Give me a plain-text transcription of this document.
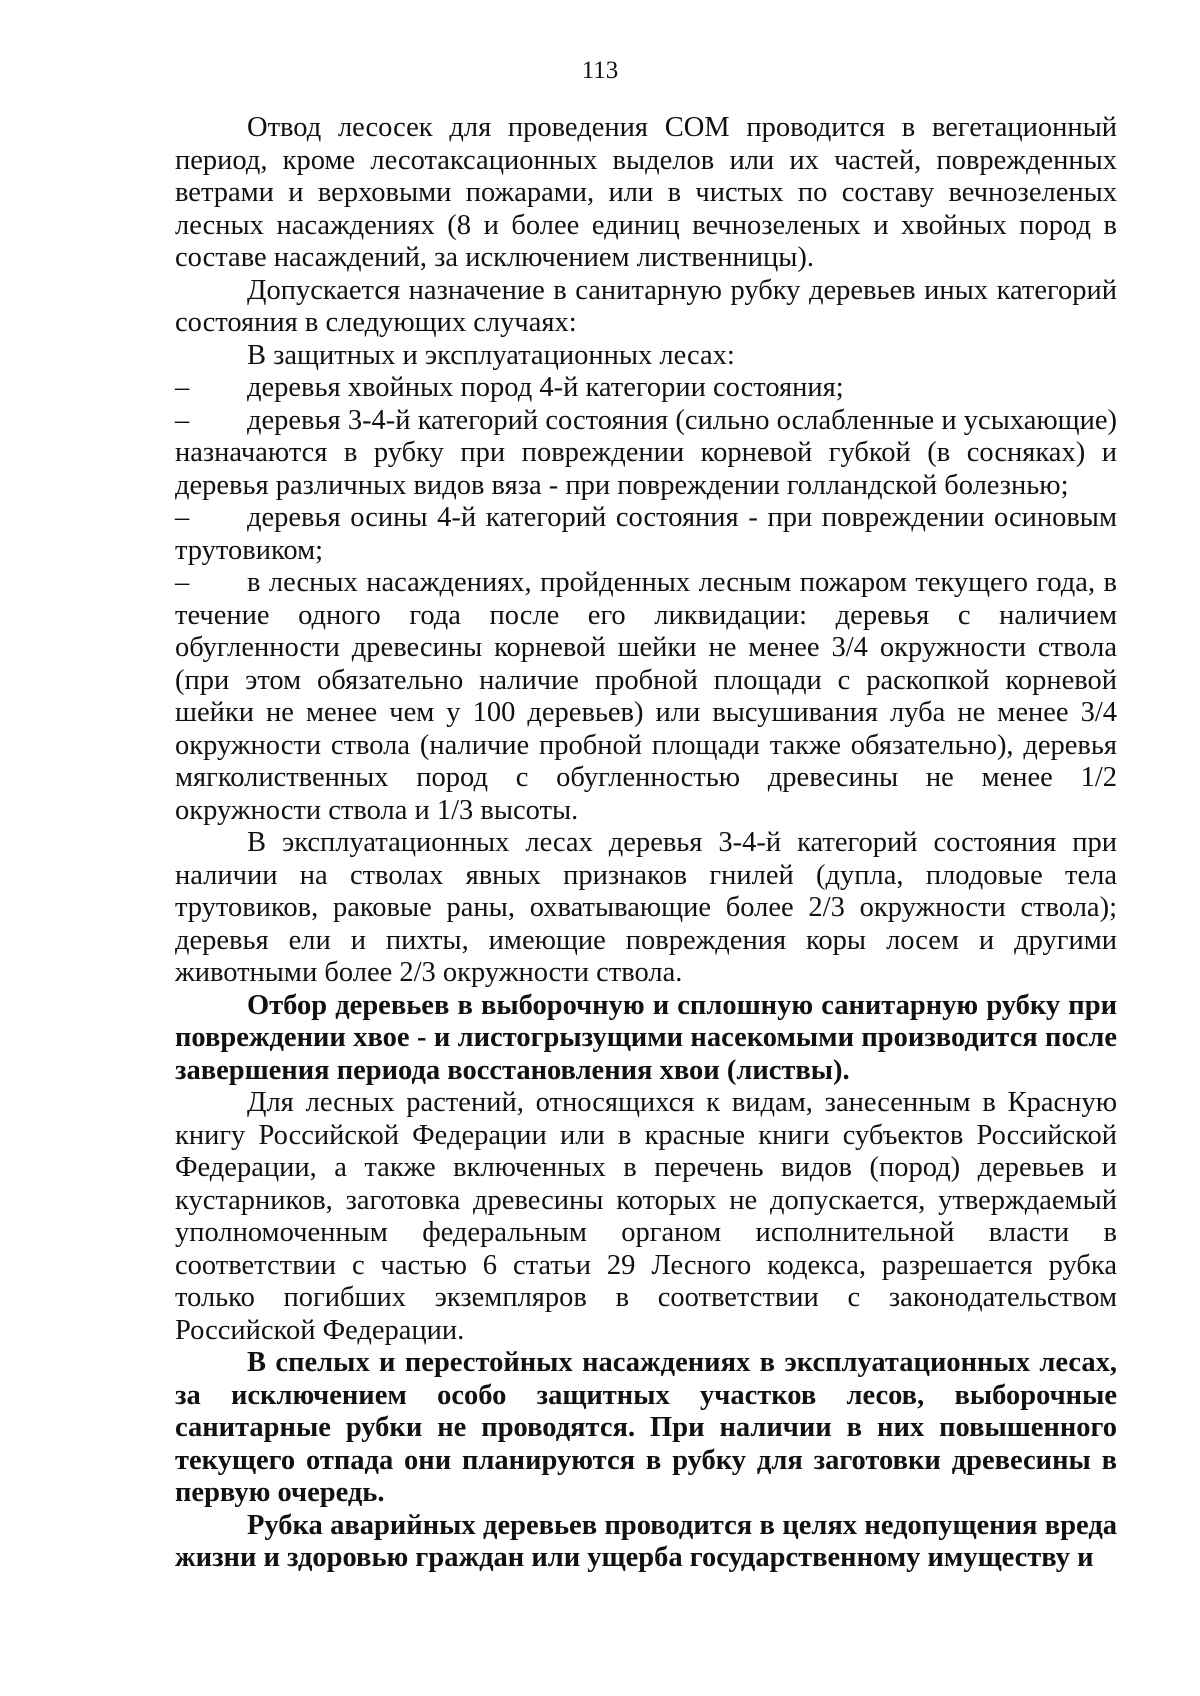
113

Отвод лесосек для проведения СОМ проводится в вегетационный период, кроме лесотаксационных выделов или их частей, поврежденных ветрами и верховыми пожарами, или в чистых по составу вечнозеленых лесных насаждениях (8 и более единиц вечнозеленых и хвойных пород в составе насаждений, за исключением лиственницы).

Допускается назначение в санитарную рубку деревьев иных категорий состояния в следующих случаях:

В защитных и эксплуатационных лесах:

– деревья хвойных пород 4-й категории состояния;

– деревья 3-4-й категорий состояния (сильно ослабленные и усыхающие) назначаются в рубку при повреждении корневой губкой (в сосняках) и деревья различных видов вяза - при повреждении голландской болезнью;

– деревья осины 4-й категорий состояния - при повреждении осиновым трутовиком;

– в лесных насаждениях, пройденных лесным пожаром текущего года, в течение одного года после его ликвидации: деревья с наличием обугленности древесины корневой шейки не менее 3/4 окружности ствола (при этом обязательно наличие пробной площади с раскопкой корневой шейки не менее чем у 100 деревьев) или высушивания луба не менее 3/4 окружности ствола (наличие пробной площади также обязательно), деревья мягколиственных пород с обугленностью древесины не менее 1/2 окружности ствола и 1/3 высоты.

В эксплуатационных лесах деревья 3-4-й категорий состояния при наличии на стволах явных признаков гнилей (дупла, плодовые тела трутовиков, раковые раны, охватывающие более 2/3 окружности ствола); деревья ели и пихты, имеющие повреждения коры лосем и другими животными более 2/3 окружности ствола.

Отбор деревьев в выборочную и сплошную санитарную рубку при повреждении хвое - и листогрызущими насекомыми производится после завершения периода восстановления хвои (листвы).

Для лесных растений, относящихся к видам, занесенным в Красную книгу Российской Федерации или в красные книги субъектов Российской Федерации, а также включенных в перечень видов (пород) деревьев и кустарников, заготовка древесины которых не допускается, утверждаемый уполномоченным федеральным органом исполнительной власти в соответствии с частью 6 статьи 29 Лесного кодекса, разрешается рубка только погибших экземпляров в соответствии с законодательством Российской Федерации.

В спелых и перестойных насаждениях в эксплуатационных лесах, за исключением особо защитных участков лесов, выборочные санитарные рубки не проводятся. При наличии в них повышенного текущего отпада они планируются в рубку для заготовки древесины в первую очередь.

Рубка аварийных деревьев проводится в целях недопущения вреда жизни и здоровью граждан или ущерба государственному имуществу и
